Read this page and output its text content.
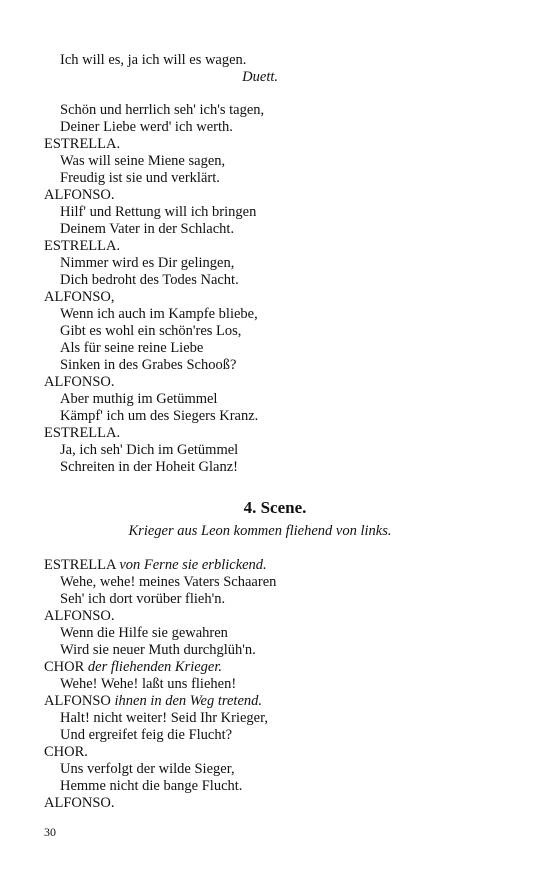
Ich will es, ja ich will es wagen.
Duett.
Schön und herrlich seh' ich's tagen,
Deiner Liebe werd' ich werth.
ESTRELLA.
Was will seine Miene sagen,
Freudig ist sie und verklärt.
ALFONSO.
Hilf' und Rettung will ich bringen
Deinem Vater in der Schlacht.
ESTRELLA.
Nimmer wird es Dir gelingen,
Dich bedroht des Todes Nacht.
ALFONSO,
Wenn ich auch im Kampfe bliebe,
Gibt es wohl ein schön'res Los,
Als für seine reine Liebe
Sinken in des Grabes Schooß?
ALFONSO.
Aber muthig im Getümmel
Kämpf' ich um des Siegers Kranz.
ESTRELLA.
Ja, ich seh' Dich im Getümmel
Schreiten in der Hoheit Glanz!
4. Scene.
Krieger aus Leon kommen fliehend von links.
ESTRELLA von Ferne sie erblickend.
Wehe, wehe! meines Vaters Schaaren
Seh' ich dort vorüber flieh'n.
ALFONSO.
Wenn die Hilfe sie gewahren
Wird sie neuer Muth durchglüh'n.
CHOR der fliehenden Krieger.
Wehe! Wehe! laßt uns fliehen!
ALFONSO ihnen in den Weg tretend.
Halt! nicht weiter! Seid Ihr Krieger,
Und ergreifet feig die Flucht?
CHOR.
Uns verfolgt der wilde Sieger,
Hemme nicht die bange Flucht.
ALFONSO.
30
